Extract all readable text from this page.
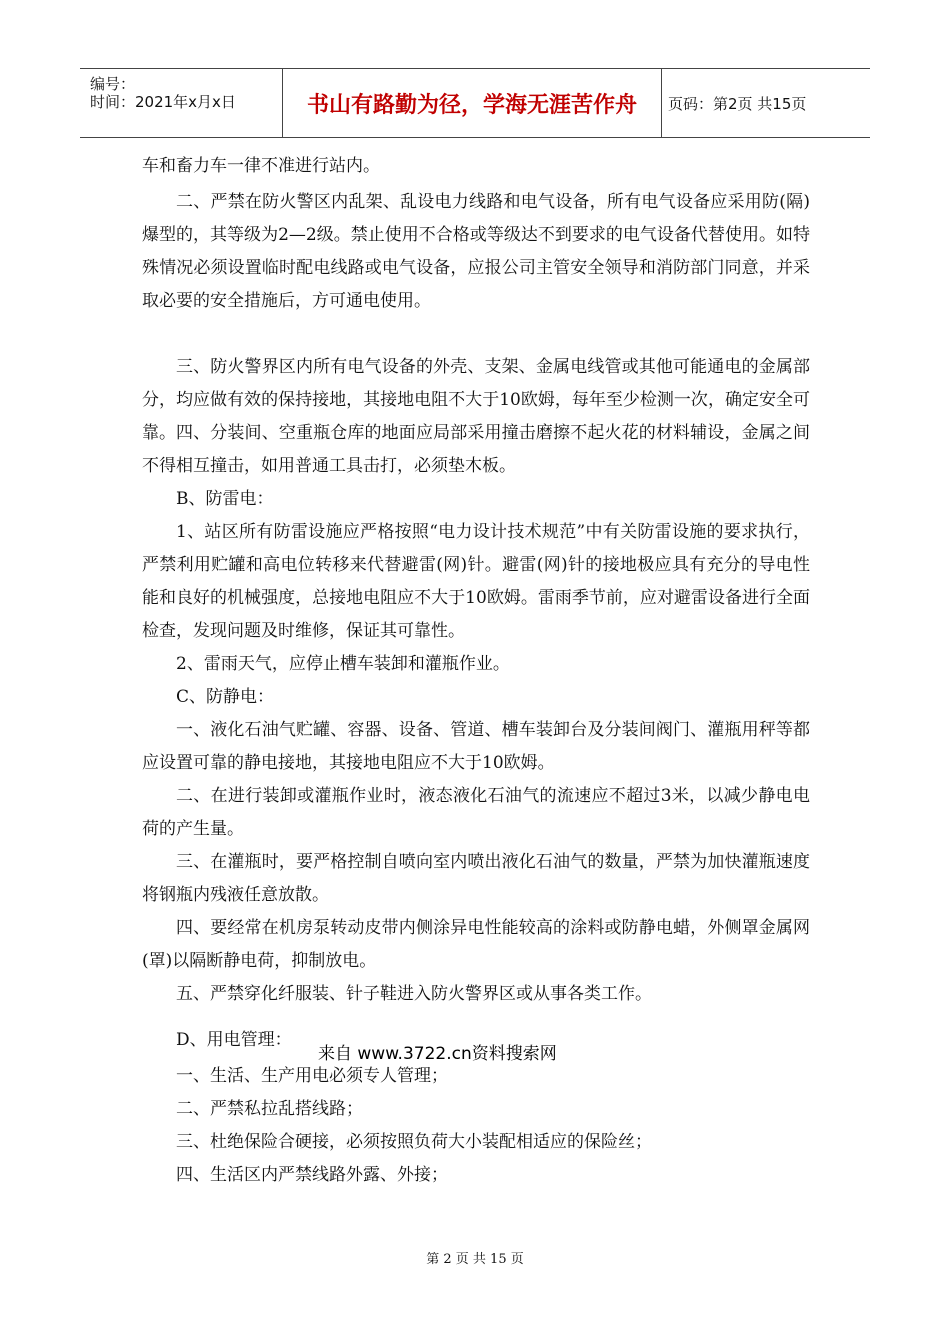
编号：
时间：2021年x月x日	书山有路勤为径，学海无涯苦作舟	页码：第2页 共15页

车和畜力车一律不准进行站内。

二、严禁在防火警区内乱架、乱设电力线路和电气设备，所有电气设备应采用防(隔)爆型的，其等级为2—2级。禁止使用不合格或等级达不到要求的电气设备代替使用。如特殊情况必须设置临时配电线路或电气设备，应报公司主管安全领导和消防部门同意，并采取必要的安全措施后，方可通电使用。

三、防火警界区内所有电气设备的外壳、支架、金属电线管或其他可能通电的金属部分，均应做有效的保持接地，其接地电阻不大于10欧姆，每年至少检测一次，确定安全可靠。 四、分装间、空重瓶仓库的地面应局部采用撞击磨擦不起火花的材料辅设，金属之间不得相互撞击，如用普通工具击打，必须垫木板。

B、防雷电：

1、站区所有防雷设施应严格按照“电力设计技术规范”中有关防雷设施的要求执行，严禁利用贮罐和高电位转移来代替避雷(网)针。避雷(网)针的接地极应具有充分的导电性能和良好的机械强度，总接地电阻应不大于10欧姆。雷雨季节前，应对避雷设备进行全面检查，发现问题及时维修，保证其可靠性。

2、雷雨天气，应停止槽车装卸和灌瓶作业。

C、防静电：

一、液化石油气贮罐、容器、设备、管道、槽车装卸台及分装间阀门、灌瓶用秤等都应设置可靠的静电接地，其接地电阻应不大于10欧姆。

二、在进行装卸或灌瓶作业时，液态液化石油气的流速应不超过3米，以减少静电电荷的产生量。

三、在灌瓶时，要严格控制自喷向室内喷出液化石油气的数量，严禁为加快灌瓶速度将钢瓶内残液任意放散。

四、要经常在机房泵转动皮带内侧涂异电性能较高的涂料或防静电蜡，外侧罩金属网(罩)以隔断静电荷，抑制放电。

五、严禁穿化纤服装、针子鞋进入防火警界区或从事各类工作。

D、用电管理：

一、生活、生产用电必须专人管理；

二、严禁私拉乱搭线路；

三、杜绝保险合硬接，必须按照负荷大小装配相适应的保险丝；

四、生活区内严禁线路外露、外接；

来自 www.3722.cn资料搜索网
第 2 页 共 15 页
